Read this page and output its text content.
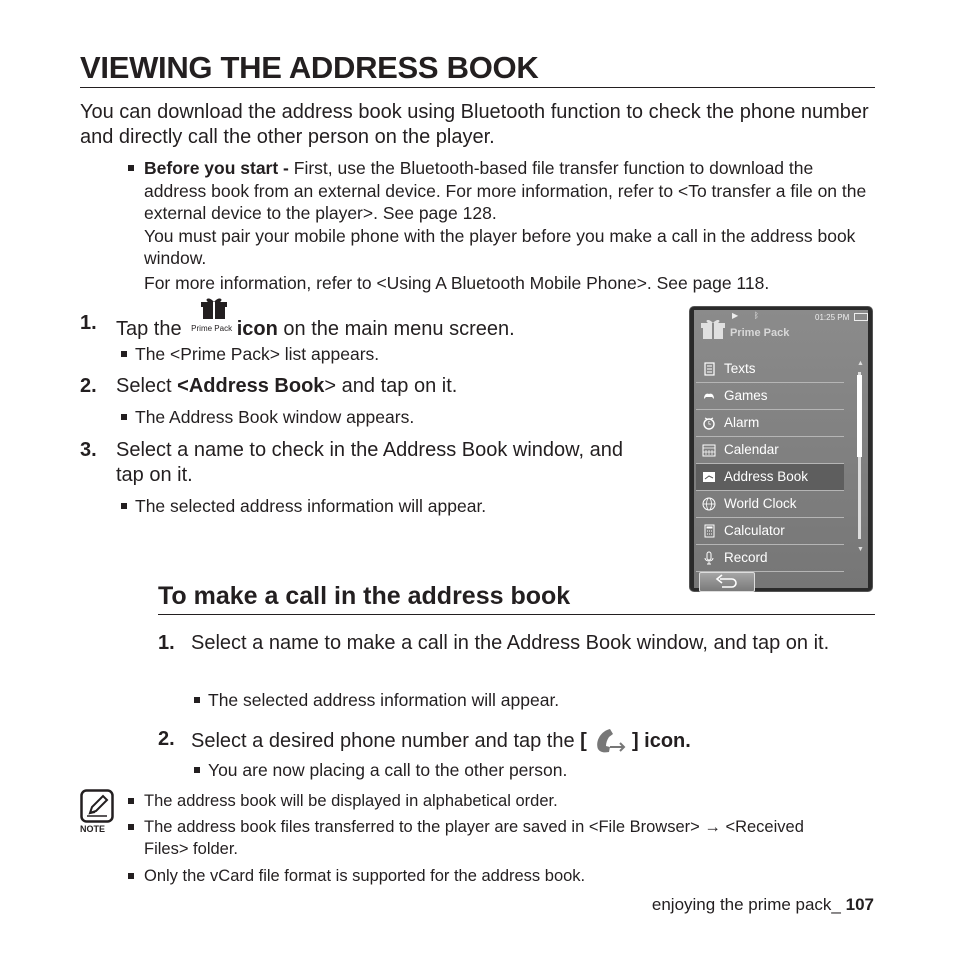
VIEWING THE ADDRESS BOOK
You can download the address book using Bluetooth function to check the phone number and directly call the other person on the player.

Before you start - First, use the Bluetooth-based file transfer function to download the address book from an external device. For more information, refer to <To transfer a file on the external device to the player>. See page 128.

You must pair your mobile phone with the player before you make a call in the address book window.

For more information, refer to <Using A Bluetooth Mobile Phone>. See page 118.

1. Tap the Prime Pack icon on the main menu screen.
The <Prime Pack> list appears.
2. Select <Address Book> and tap on it.
The Address Book window appears.
3. Select a name to check in the Address Book window, and tap on it.
The selected address information will appear.
▶ ᛒ	01:25 PM
Prime Pack
Texts
Games
Alarm
Calendar
Address Book
World Clock
Calculator
Record
▲
▼
To make a call in the address book
1. Select a name to make a call in the Address Book window, and tap on it.
The selected address information will appear.
2. Select a desired phone number and tap the [  ] icon.
You are now placing a call to the other person.
NOTE
The address book will be displayed in alphabetical order.
The address book files transferred to the player are saved in <File Browser> → <Received Files> folder.
Only the vCard file format is supported for the address book.
enjoying the prime pack_ 107
